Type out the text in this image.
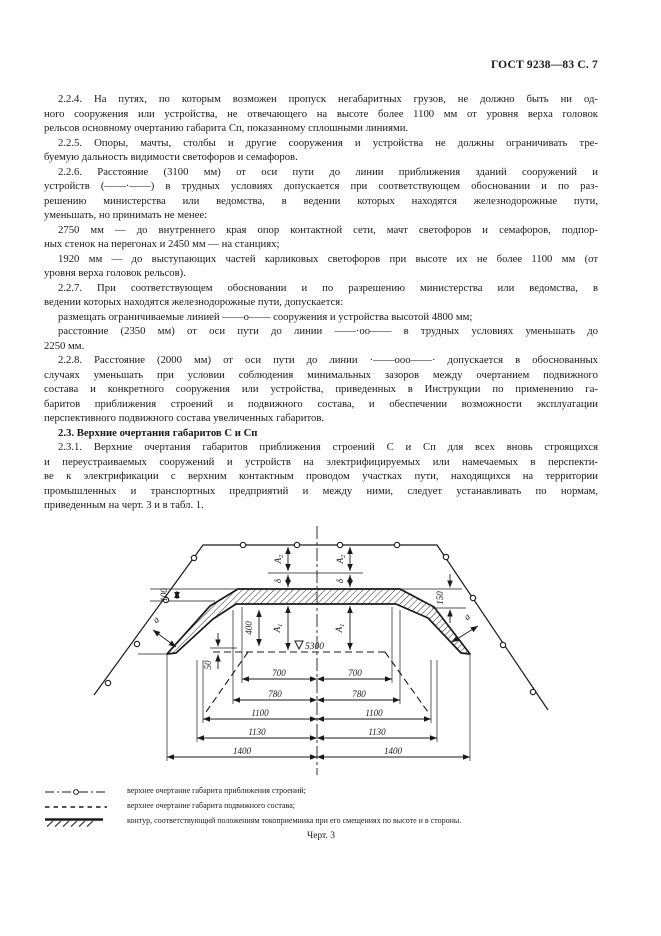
ГОСТ 9238—83 С. 7
2.2.4. На путях, по которым возможен пропуск негабаритных грузов, не должно быть ни од-
ного сооружения или устройства, не отвечающего на высоте более 1100 мм от уровня верха головок
рельсов основному очертанию габарита Сп, показанному сплошными линиями.
2.2.5. Опоры, мачты, столбы и другие сооружения и устройства не должны ограничивать тре-
буемую дальность видимости светофоров и семафоров.
2.2.6. Расстояние (3100 мм) от оси пути до линии приближения зданий сооружений и
устройств (——·——) в трудных условиях допускается при соответствующем обосновании и по раз-
решению министерства или ведомства, в ведении которых находятся железнодорожные пути,
уменьшать, но принимать не менее:
2750 мм — до внутреннего края опор контактной сети, мачт светофоров и семафоров, подпор-
ных стенок на перегонах и 2450 мм — на станциях;
1920 мм — до выступающих частей карликовых светофоров при высоте их не более 1100 мм (от
уровня верха головок рельсов).
2.2.7. При соответствующем обосновании и по разрешению министерства или ведомства, в
ведении которых находятся железнодорожные пути, допускается:
размещать ограничиваемые линией ——о—— сооружения и устройства высотой 4800 мм;
расстояние (2350 мм) от оси пути до линии ——·оо—— в трудных условиях уменьшать до
2250 мм.
2.2.8. Расстояние (2000 мм) от оси пути до линии ·——ооо——· допускается в обоснованных
случаях уменьшать при условии соблюдения минимальных зазоров между очертанием подвижного
состава и конкретного сооружения или устройства, приведенных в Инструкции по применению га-
баритов приближения строений и подвижного состава, и обеспечении возможности эксплуатации
перспективного подвижного состава увеличенных габаритов.
2.3. Верхние очертания габаритов С и Сп
2.3.1. Верхние очертания габаритов приближения строений С и Сп для всех вновь строящихся
и переустраиваемых сооружений и устройств на электрифицируемых или намечаемых в перспекти-
ве к электрификации с верхним контактным проводом участках пути, находящихся на территории
промышленных и транспортных предприятий и между ними, следует устанавливать по нормам,
приведенным на черт. 3 и в табл. 1.
5300
$A_2$
$A_2$
δ	δ
$A_1$
$A_1$
100	150
400
50
а	а
700	700
780	780
1100	1100
1130	1130
1400	1400
верхнее очертание габарита приближения строений;
верхнее очертание габарита подвижного состава;
контур, соответствующий положениям токоприемника при его смещениях по высоте и в стороны.
Черт. 3
